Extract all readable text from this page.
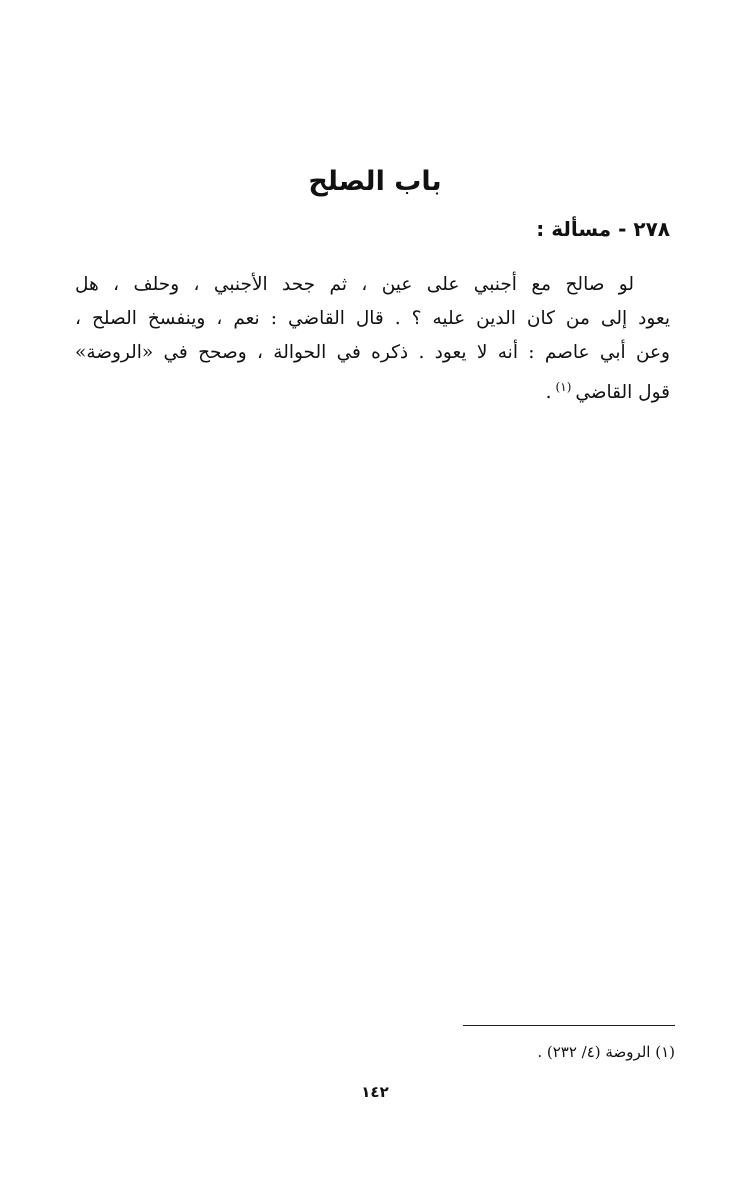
باب الصلح
٢٧٨ - مسألة :

لو صالح مع أجنبي على عين ، ثم جحد الأجنبي ، وحلف ، هل
يعود إلى من كان الدين عليه ؟ . قال القاضي : نعم ، وينفسخ الصلح ،
وعن أبي عاصم : أنه لا يعود . ذكره في الحوالة ، وصحح في «الروضة»
قول القاضي$^{(١)}$.

(١) الروضة (٤/ ٢٣٢) .

١٤٢
